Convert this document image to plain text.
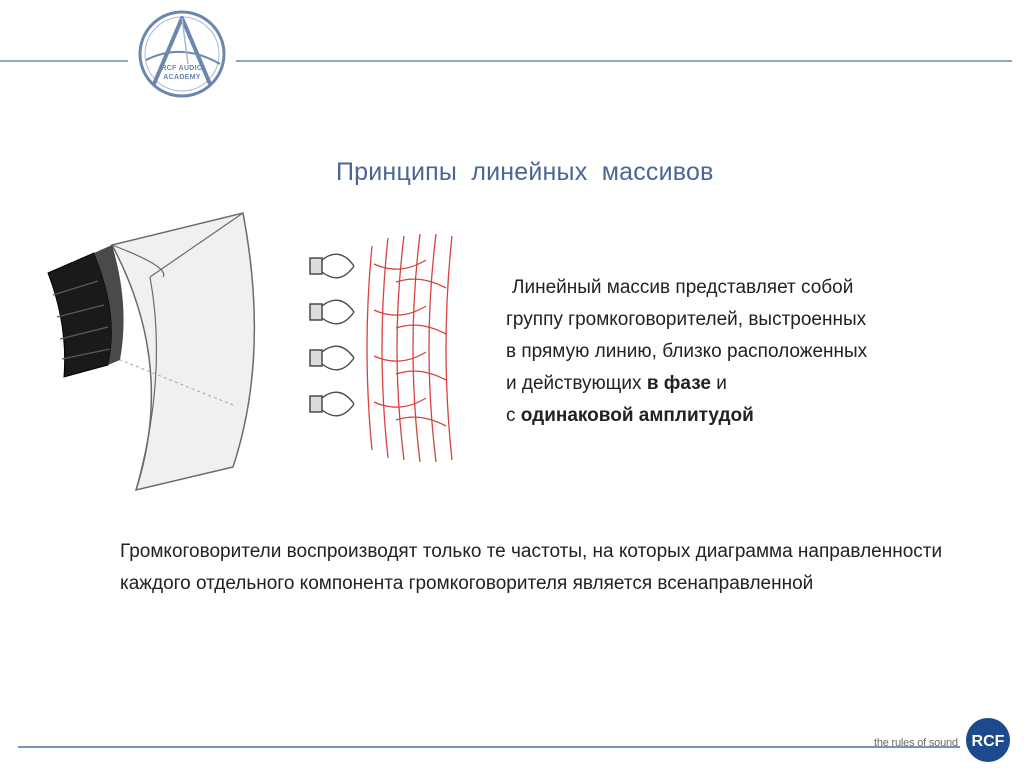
RCF AUDIO
ACADEMY
Принципы  линейных  массивов
Линейный массив представляет собой
группу громкоговорителей, выстроенных
в прямую линию, близко расположенных
и действующих в фазе и
с одинаковой амплитудой
Громкоговорители воспроизводят только те частоты, на которых диаграмма направленности каждого отдельного компонента громкоговорителя является всенаправленной
the rules of sound RCF
